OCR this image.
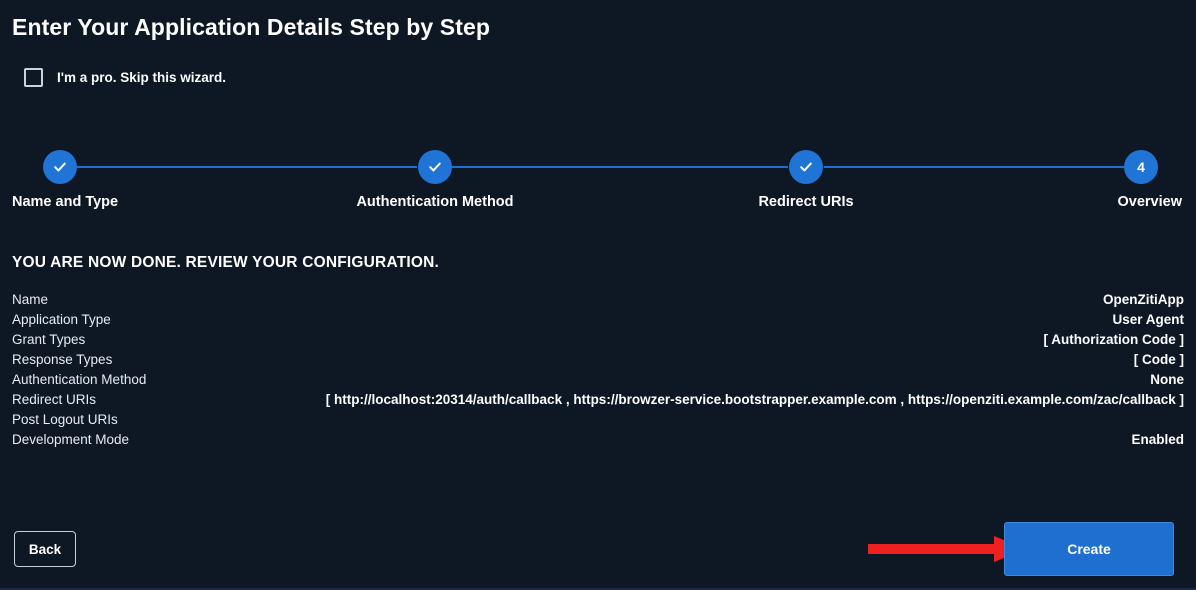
Enter Your Application Details Step by Step
I'm a pro. Skip this wizard.
4
Name and Type	Authentication Method	Redirect URIs	Overview
YOU ARE NOW DONE. REVIEW YOUR CONFIGURATION.
Name	OpenZitiApp
Application Type	User Agent
Grant Types	[ Authorization Code ]
Response Types	[ Code ]
Authentication Method	None
Redirect URIs	[ http://localhost:20314/auth/callback , https://browzer-service.bootstrapper.example.com , https://openziti.example.com/zac/callback ]
Post Logout URIs
Development Mode	Enabled
Back	Create
